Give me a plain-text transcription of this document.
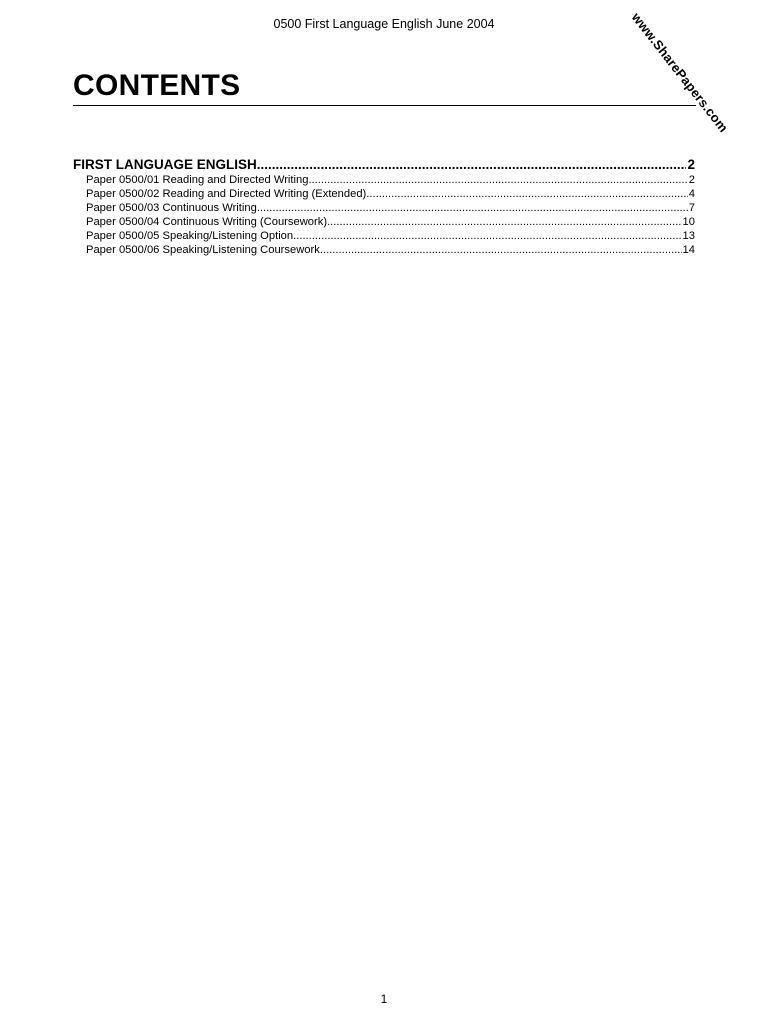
0500 First Language English June 2004	www.SharePapers.com
CONTENTS
FIRST LANGUAGE ENGLISH .....	2
Paper 0500/01 Reading and Directed Writing .....	2
Paper 0500/02 Reading and Directed Writing (Extended) .....	4
Paper 0500/03 Continuous Writing .....	7
Paper 0500/04 Continuous Writing (Coursework) .....	10
Paper 0500/05 Speaking/Listening Option .....	13
Paper 0500/06 Speaking/Listening Coursework .....	14
1
